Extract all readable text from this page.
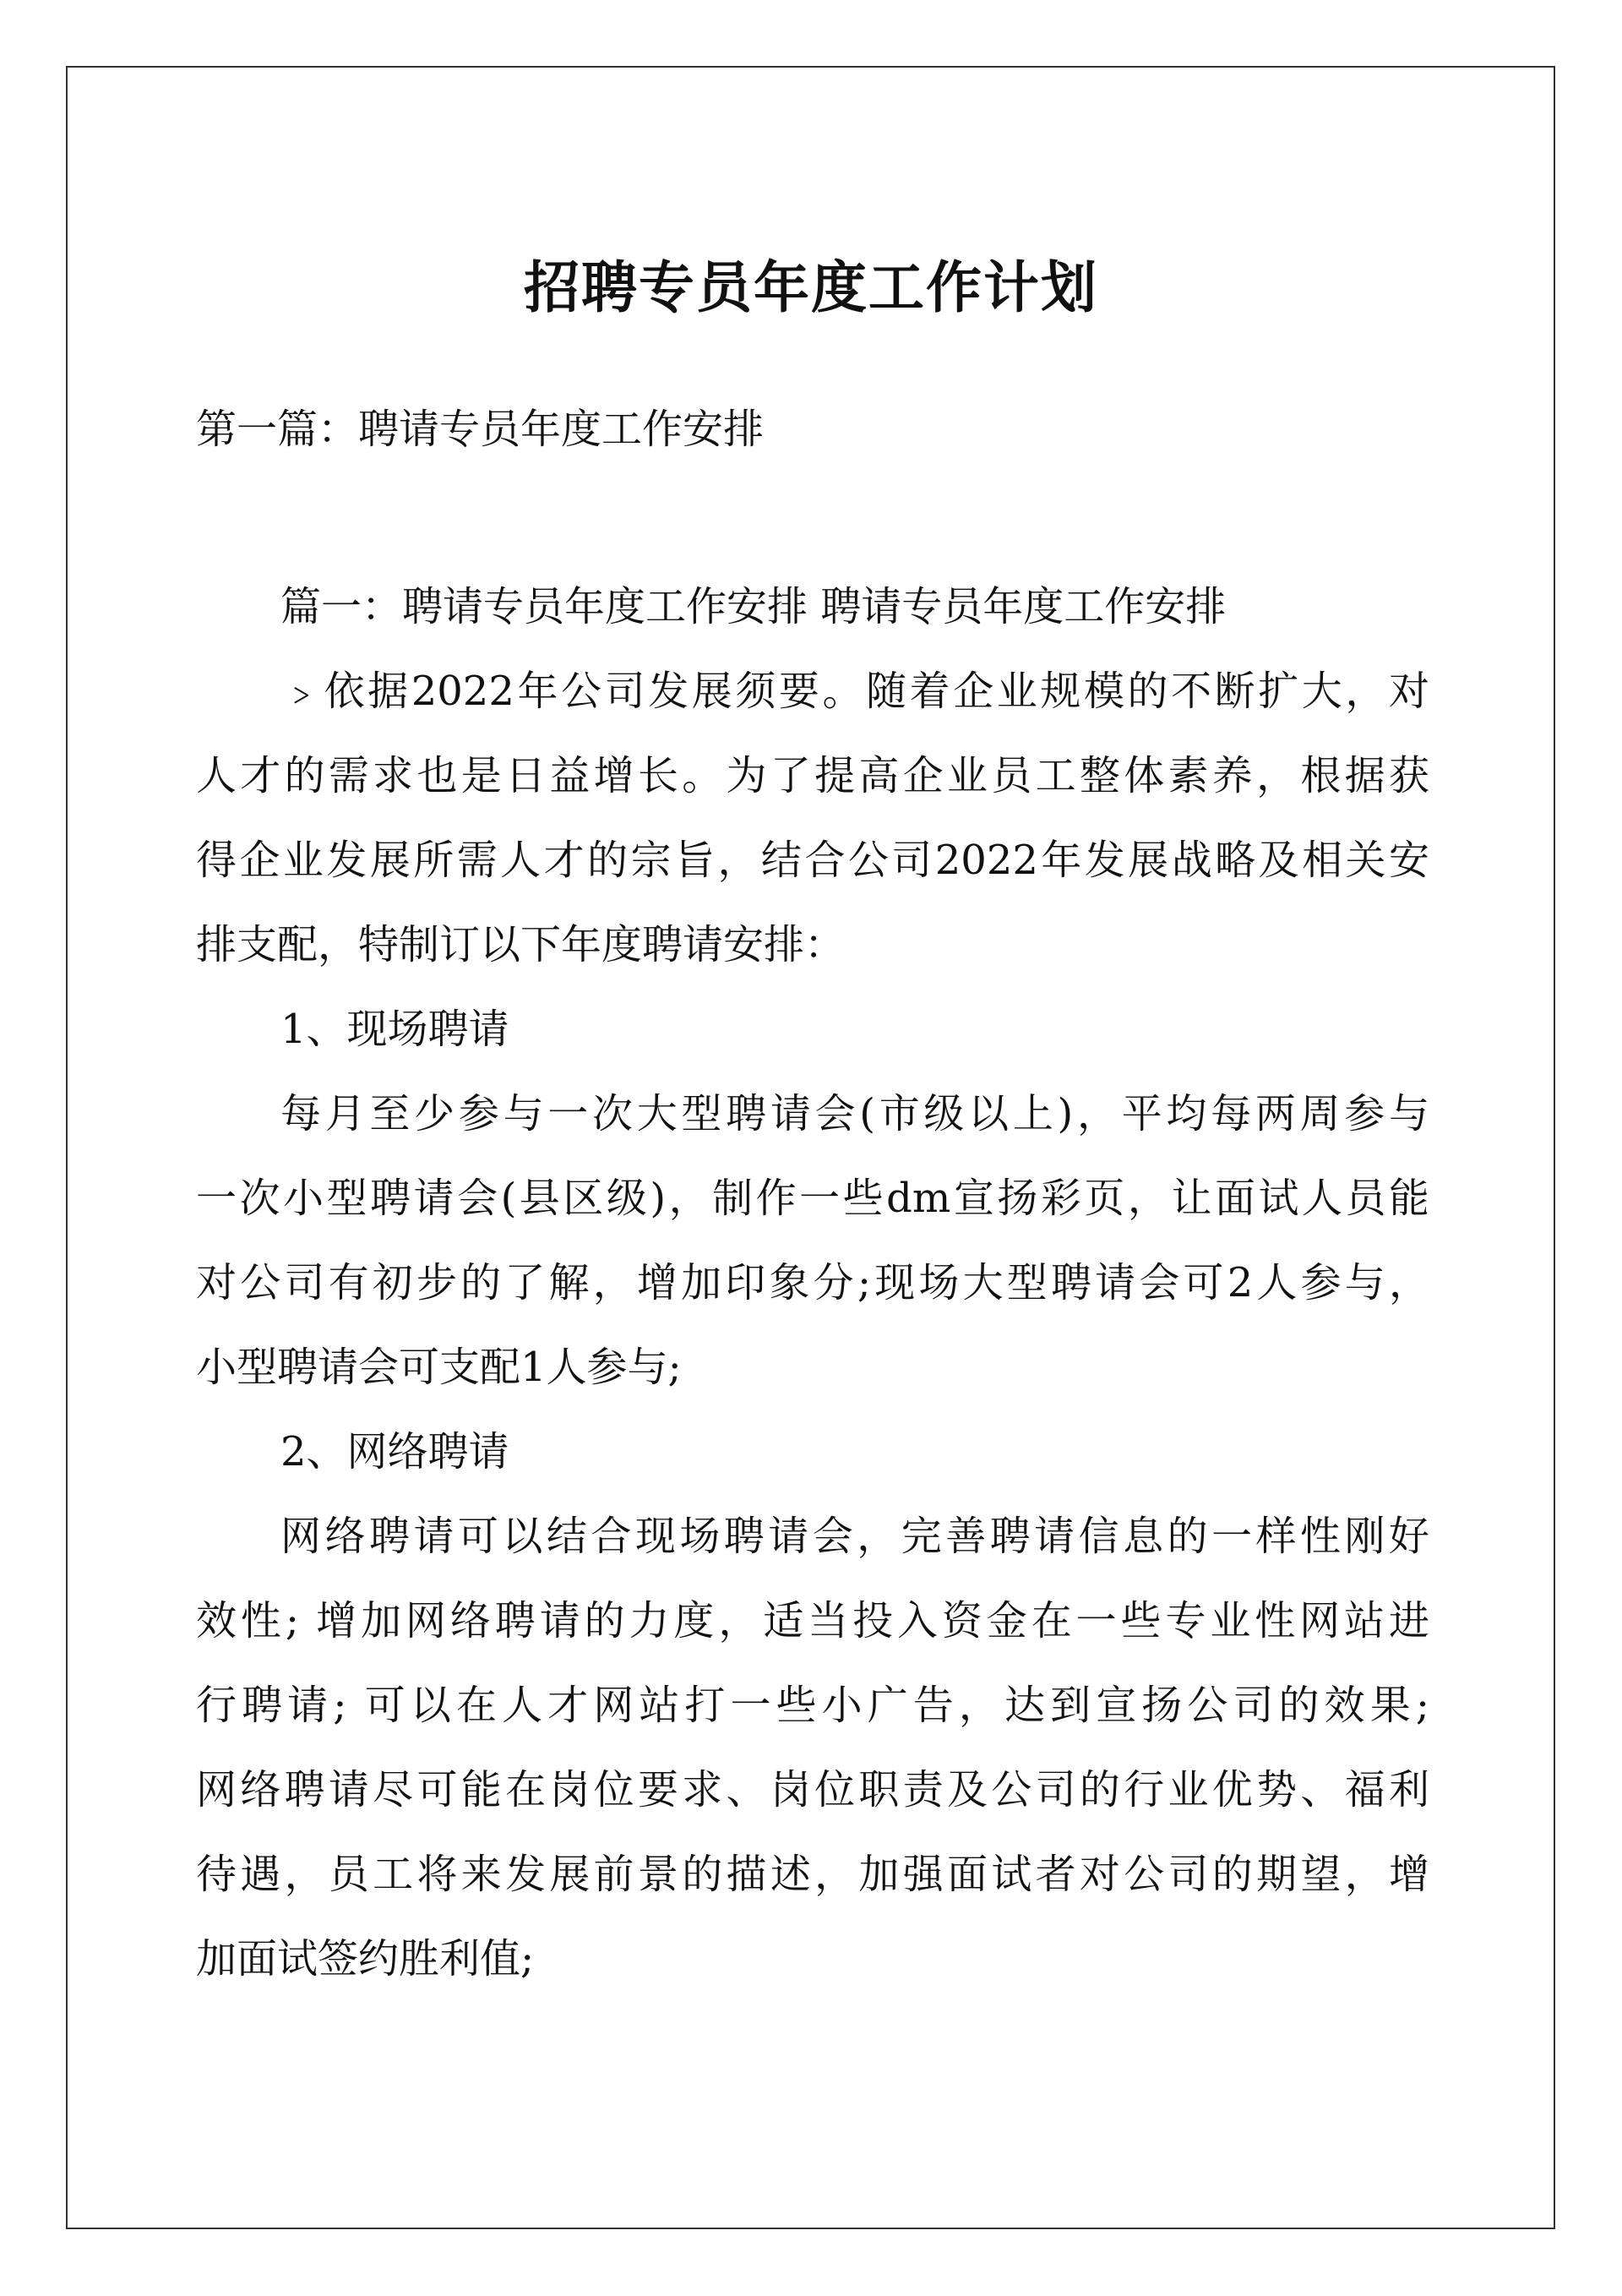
招聘专员年度工作计划

第一篇：聘请专员年度工作安排

篇一：聘请专员年度工作安排 聘请专员年度工作安排

﹥依据2022年公司发展须要。随着企业规模的不断扩大，对

人才的需求也是日益增长。为了提高企业员工整体素养，根据获

得企业发展所需人才的宗旨，结合公司2022年发展战略及相关安

排支配，特制订以下年度聘请安排：

1、现场聘请

每月至少参与一次大型聘请会(市级以上)，平均每两周参与

一次小型聘请会(县区级)，制作一些dm宣扬彩页，让面试人员能

对公司有初步的了解，增加印象分;现场大型聘请会可2人参与，

小型聘请会可支配1人参与;

2、网络聘请

网络聘请可以结合现场聘请会，完善聘请信息的一样性刚好

效性; 增加网络聘请的力度，适当投入资金在一些专业性网站进

行聘请; 可以在人才网站打一些小广告，达到宣扬公司的效果;

网络聘请尽可能在岗位要求、岗位职责及公司的行业优势、福利

待遇，员工将来发展前景的描述，加强面试者对公司的期望，增

加面试签约胜利值;
